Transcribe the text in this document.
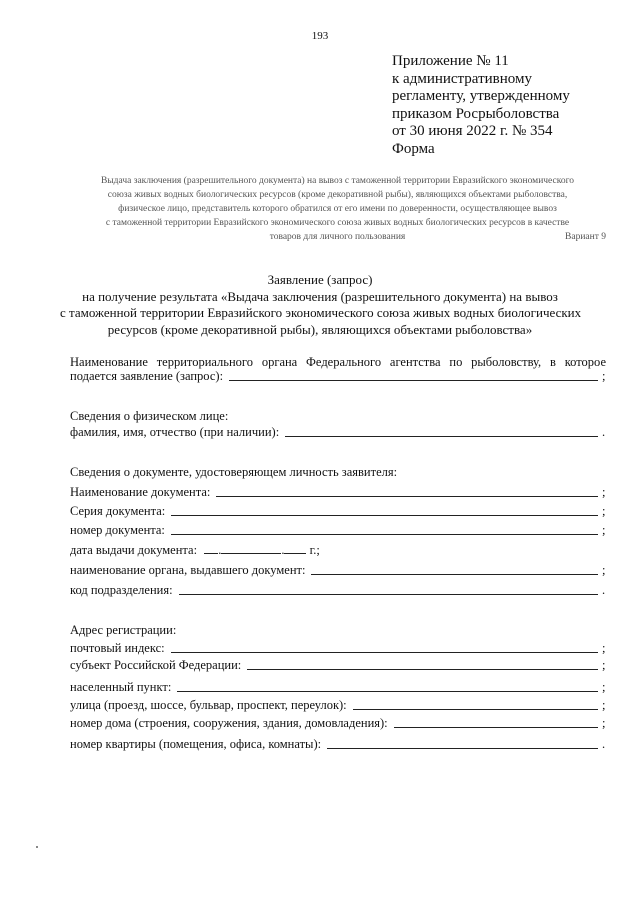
193
Приложение № 11
к административному
регламенту, утвержденному
приказом Росрыболовства
от 30 июня 2022 г. № 354
Форма
Выдача заключения (разрешительного документа) на вывоз с таможенной территории Евразийского экономического
союза живых водных биологических ресурсов (кроме декоративной рыбы), являющихся объектами рыболовства,
физическое лицо, представитель которого обратился от его имени по доверенности, осуществляющее вывоз
с таможенной территории Евразийского экономического союза живых водных биологических ресурсов в качестве
товаров для личного пользования	Вариант 9
Заявление (запрос)
на получение результата «Выдача заключения (разрешительного документа) на вывоз
с таможенной территории Евразийского экономического союза живых водных биологических
ресурсов (кроме декоративной рыбы), являющихся объектами рыболовства»
Наименование территориального органа Федерального агентства по рыболовству, в которое
подается заявление (запрос):	;
Сведения о физическом лице:
фамилия, имя, отчество (при наличии):	.
Сведения о документе, удостоверяющем личность заявителя:
Наименование документа:	;
Серия документа:	;
номер документа:	;
дата выдачи документа: .	. г.;
наименование органа, выдавшего документ:	;
код подразделения:	.
Адрес регистрации:
почтовый индекс:	;
субъект Российской Федерации:	;
населенный пункт:	;
улица (проезд, шоссе, бульвар, проспект, переулок):	;
номер дома (строения, сооружения, здания, домовладения):	;
номер квартиры (помещения, офиса, комнаты):	.
